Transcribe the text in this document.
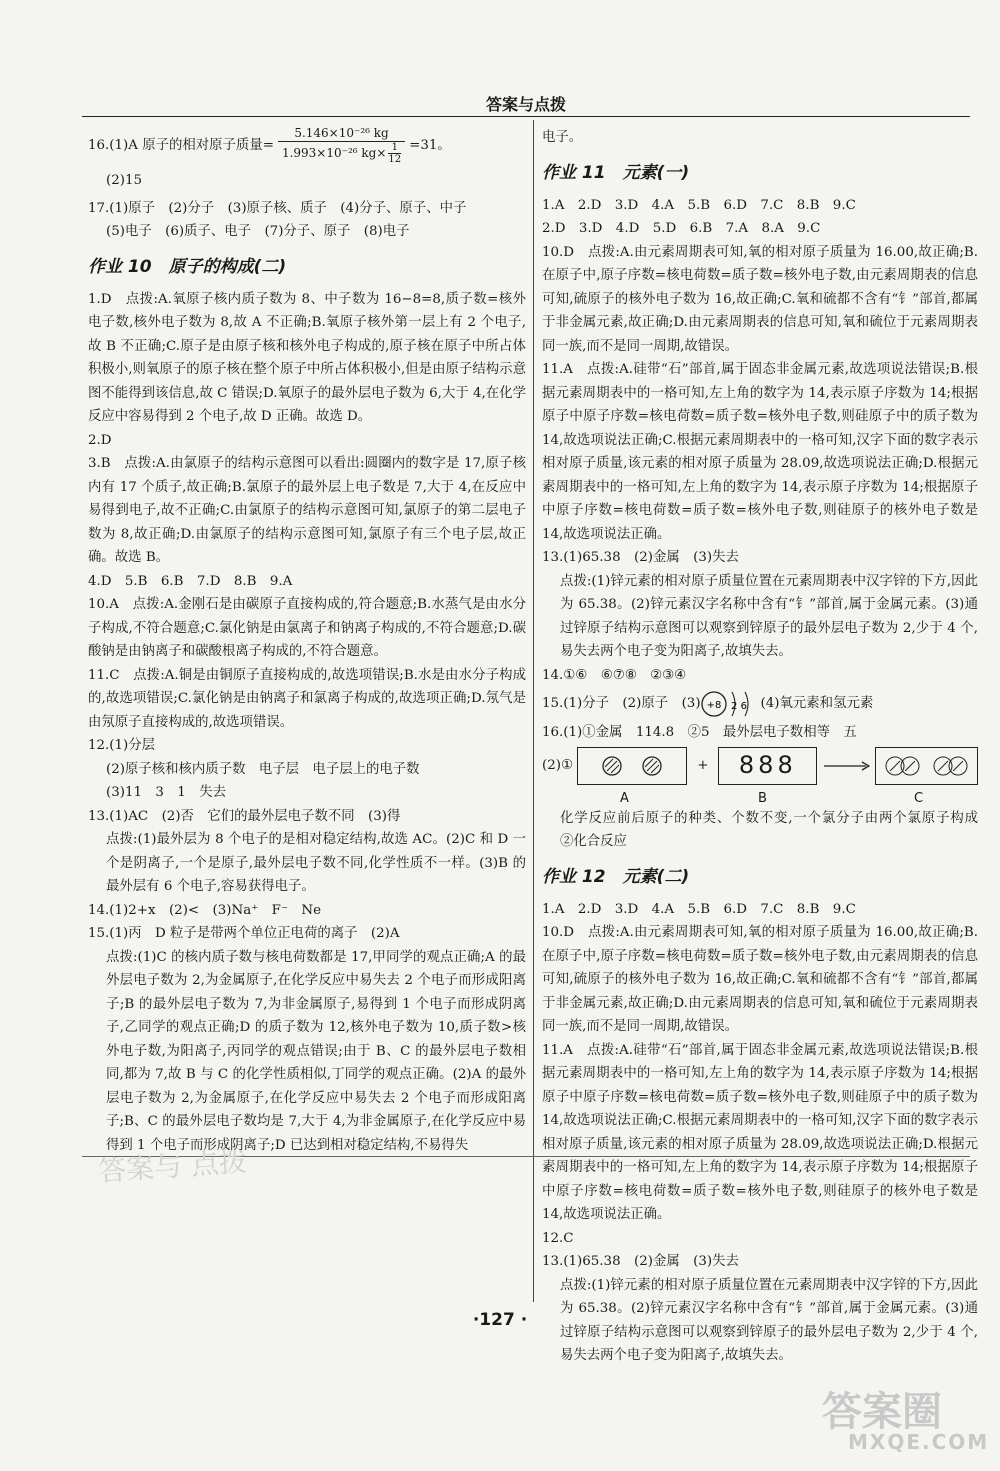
答案与点拨
答案与 点拨
16.(1)A 原子的相对原子质量= $\frac{\text{5.146×10⁻²⁶ kg}}{1.993\times 10^{-26} kg\times \frac{1}{12}} =31$。

(2)15

17.(1)原子　(2)分子　(3)原子核、质子　(4)分子、原子、中子

(5)电子　(6)质子、电子　(7)分子、原子　(8)电子

作业 10　原子的构成(二)

1.D　点拨:A.氧原子核内质子数为 8、中子数为 16−8=8,质子数=核外电子数,核外电子数为 8,故 A 不正确;B.氧原子核外第一层上有 2 个电子,故 B 不正确;C.原子是由原子核和核外电子构成的,原子核在原子中所占体积极小,则氧原子的原子核在整个原子中所占体积极小,但是由原子结构示意图不能得到该信息,故 C 错误;D.氧原子的最外层电子数为 6,大于 4,在化学反应中容易得到 2 个电子,故 D 正确。故选 D。

2.D

3.B　点拨:A.由氯原子的结构示意图可以看出:圆圈内的数字是 17,原子核内有 17 个质子,故正确;B.氯原子的最外层上电子数是 7,大于 4,在反应中易得到电子,故不正确;C.由氯原子的结构示意图可知,氯原子的第二层电子数为 8,故正确;D.由氯原子的结构示意图可知,氯原子有三个电子层,故正确。故选 B。

4.D　5.B　6.B　7.D　8.B　9.A

10.A　点拨:A.金刚石是由碳原子直接构成的,符合题意;B.水蒸气是由水分子构成,不符合题意;C.氯化钠是由氯离子和钠离子构成的,不符合题意;D.碳酸钠是由钠离子和碳酸根离子构成的,不符合题意。

11.C　点拨:A.铜是由铜原子直接构成的,故选项错误;B.水是由水分子构成的,故选项错误;C.氯化钠是由钠离子和氯离子构成的,故选项正确;D.氖气是由氖原子直接构成的,故选项错误。

12.(1)分层

(2)原子核和核内质子数　电子层　电子层上的电子数

(3)11　3　1　失去

13.(1)AC　(2)否　它们的最外层电子数不同　(3)得

点拨:(1)最外层为 8 个电子的是相对稳定结构,故选 AC。(2)C 和 D 一个是阴离子,一个是原子,最外层电子数不同,化学性质不一样。(3)B 的最外层有 6 个电子,容易获得电子。

14.(1)2+x　(2)<　(3)Na⁺　F⁻　Ne

15.(1)丙　D 粒子是带两个单位正电荷的离子　(2)A

点拨:(1)C 的核内质子数与核电荷数都是 17,甲同学的观点正确;A 的最外层电子数为 2,为金属原子,在化学反应中易失去 2 个电子而形成阳离子;B 的最外层电子数为 7,为非金属原子,易得到 1 个电子而形成阴离子,乙同学的观点正确;D 的质子数为 12,核外电子数为 10,质子数>核外电子数,为阳离子,丙同学的观点错误;由于 B、C 的最外层电子数相同,都为 7,故 B 与 C 的化学性质相似,丁同学的观点正确。(2)A 的最外层电子数为 2,为金属原子,在化学反应中易失去 2 个电子而形成阳离子;B、C 的最外层电子数均是 7,大于 4,为非金属原子,在化学反应中易得到 1 个电子而形成阴离子;D 已达到相对稳定结构,不易得失

电子。

作业 11　元素(一)

1.A　2.D　3.D　4.A　5.B　6.D　7.C　8.B　9.C

2.D　3.D　4.D　5.D　6.B　7.A　8.A　9.C

10.D　点拨:A.由元素周期表可知,氧的相对原子质量为 16.00,故正确;B.在原子中,原子序数=核电荷数=质子数=核外电子数,由元素周期表的信息可知,硫原子的核外电子数为 16,故正确;C.氧和硫都不含有“钅”部首,都属于非金属元素,故正确;D.由元素周期表的信息可知,氧和硫位于元素周期表同一族,而不是同一周期,故错误。

11.A　点拨:A.硅带“石”部首,属于固态非金属元素,故选项说法错误;B.根据元素周期表中的一格可知,左上角的数字为 14,表示原子序数为 14;根据原子中原子序数=核电荷数=质子数=核外电子数,则硅原子中的质子数为 14,故选项说法正确;C.根据元素周期表中的一格可知,汉字下面的数字表示相对原子质量,该元素的相对原子质量为 28.09,故选项说法正确;D.根据元素周期表中的一格可知,左上角的数字为 14,表示原子序数为 14;根据原子中原子序数=核电荷数=质子数=核外电子数,则硅原子的核外电子数是 14,故选项说法正确。

13.(1)65.38　(2)金属　(3)失去

点拨:(1)锌元素的相对原子质量位置在元素周期表中汉字锌的下方,因此为 65.38。(2)锌元素汉字名称中含有“钅”部首,属于金属元素。(3)通过锌原子结构示意图可以观察到锌原子的最外层电子数为 2,少于 4 个,易失去两个电子变为阳离子,故填失去。

14.①⑥　⑥⑦⑧　②③④

15.(1)分子　(2)原子　(3) +8 2 6 (4)氧元素和氢元素

16.(1)①金属　114.8　②5　最外层电子数相等　五

(2)①	+ 888
A	B	C

化学反应前后原子的种类、个数不变,一个氯分子由两个氯原子构成　②化合反应

作业 12　元素(二)

1.A　2.D　3.D　4.A　5.B　6.D　7.C　8.B　9.C

10.D　点拨:A.由元素周期表可知,氧的相对原子质量为 16.00,故正确;B.在原子中,原子序数=核电荷数=质子数=核外电子数,由元素周期表的信息可知,硫原子的核外电子数为 16,故正确;C.氧和硫都不含有“钅”部首,都属于非金属元素,故正确;D.由元素周期表的信息可知,氧和硫位于元素周期表同一族,而不是同一周期,故错误。

11.A　点拨:A.硅带“石”部首,属于固态非金属元素,故选项说法错误;B.根据元素周期表中的一格可知,左上角的数字为 14,表示原子序数为 14;根据原子中原子序数=核电荷数=质子数=核外电子数,则硅原子中的质子数为 14,故选项说法正确;C.根据元素周期表中的一格可知,汉字下面的数字表示相对原子质量,该元素的相对原子质量为 28.09,故选项说法正确;D.根据元素周期表中的一格可知,左上角的数字为 14,表示原子序数为 14;根据原子中原子序数=核电荷数=质子数=核外电子数,则硅原子的核外电子数是 14,故选项说法正确。

12.C

13.(1)65.38　(2)金属　(3)失去

点拨:(1)锌元素的相对原子质量位置在元素周期表中汉字锌的下方,因此为 65.38。(2)锌元素汉字名称中含有“钅”部首,属于金属元素。(3)通过锌原子结构示意图可以观察到锌原子的最外层电子数为 2,少于 4 个,易失去两个电子变为阳离子,故填失去。

·127 ·
答案圈
MXQE.COM
